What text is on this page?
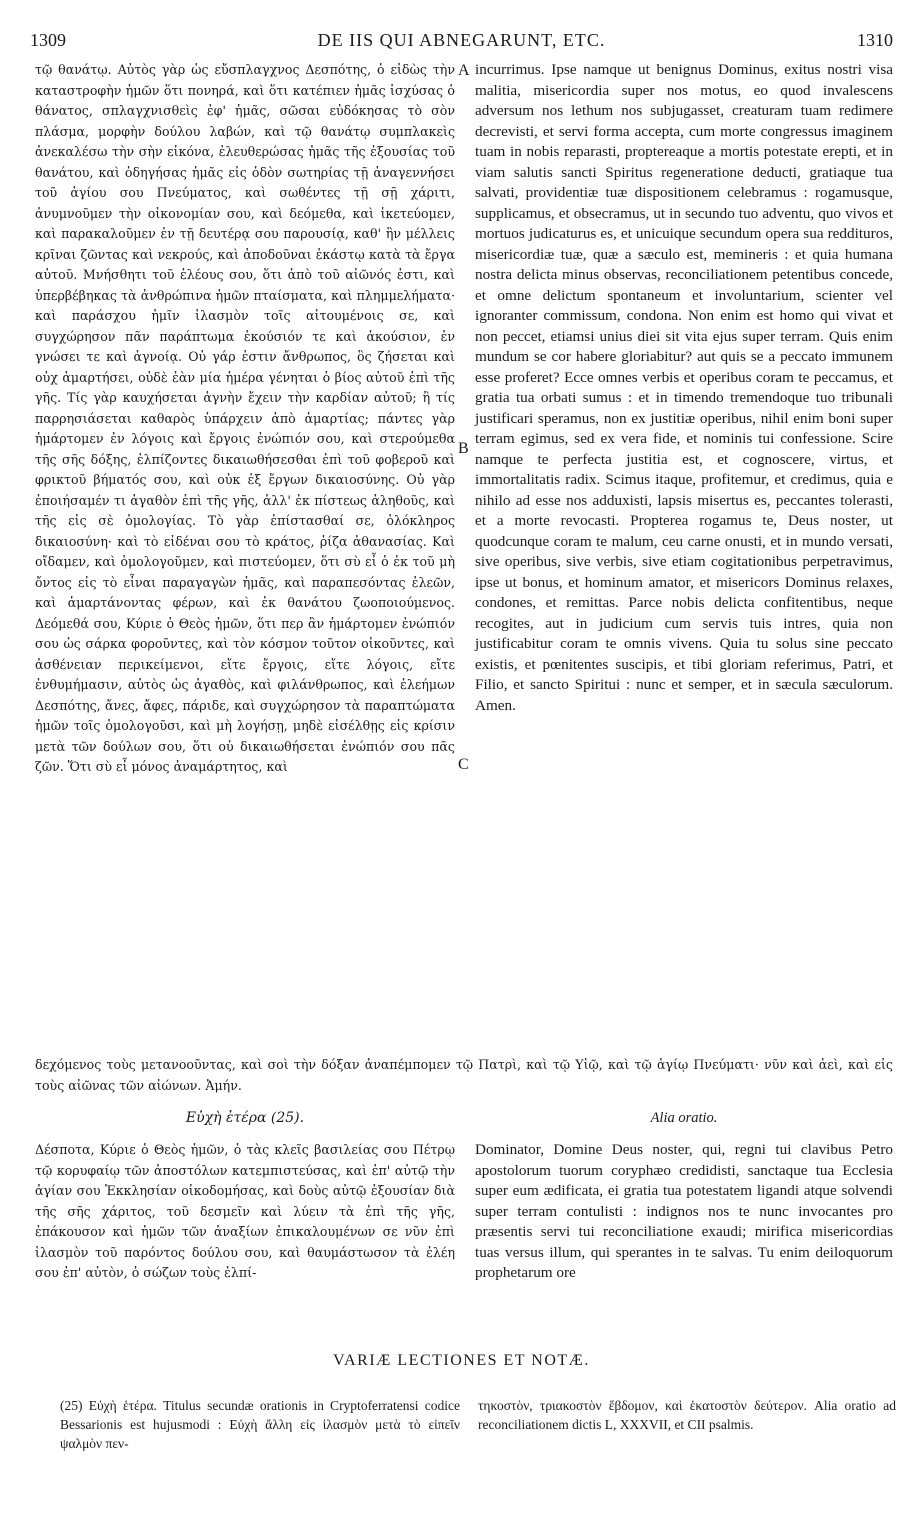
1309	DE IIS QUI ABNEGARUNT, ETC.	1310
τῷ θανάτῳ. Αὐτὸς γὰρ ὡς εὔσπλαγχνος Δεσπότης, ὁ εἰδὼς τὴν καταστροφὴν ἡμῶν ὅτι πονηρά, καὶ ὅτι κατέπιεν ἡμᾶς ἰσχύσας ὁ θάνατος, σπλαγχνισθεὶς ἐφ' ἡμᾶς, σῶσαι εὐδόκησας τὸ σὸν πλάσμα, μορφὴν δούλου λαβών, καὶ τῷ θανάτῳ συμπλακεὶς ἀνεκαλέσω τὴν σὴν εἰκόνα, ἐλευθερώσας ἡμᾶς τῆς ἐξουσίας τοῦ θανάτου, καὶ ὁδηγήσας ἡμᾶς εἰς ὁδὸν σωτηρίας τῇ ἀναγεννήσει τοῦ ἁγίου σου Πνεύματος, καὶ σωθέντες τῇ σῇ χάριτι, ἀνυμνοῦμεν τὴν οἰκονομίαν σου, καὶ δεόμεθα, καὶ ἱκετεύομεν, καὶ παρακαλοῦμεν ἐν τῇ δευτέρᾳ σου παρουσίᾳ, καθ' ἣν μέλλεις κρῖναι ζῶντας καὶ νεκρούς, καὶ ἀποδοῦναι ἑκάστῳ κατὰ τὰ ἔργα αὐτοῦ. Μνήσθητι τοῦ ἐλέους σου, ὅτι ἀπὸ τοῦ αἰῶνός ἐστι, καὶ ὑπερβέβηκας τὰ ἀνθρώπινα ἡμῶν πταίσματα, καὶ πλημμελήματα· καὶ παράσχου ἡμῖν ἱλασμὸν τοῖς αἰτουμένοις σε, καὶ συγχώρησον πᾶν παράπτωμα ἑκούσιόν τε καὶ ἀκούσιον, ἐν γνώσει τε καὶ ἀγνοίᾳ. Οὐ γάρ ἐστιν ἄνθρωπος, ὃς ζήσεται καὶ οὐχ ἁμαρτήσει, οὐδὲ ἐὰν μία ἡμέρα γένηται ὁ βίος αὐτοῦ ἐπὶ τῆς γῆς. Τίς γὰρ καυχήσεται ἁγνὴν ἔχειν τὴν καρδίαν αὐτοῦ; ἢ τίς παρρησιάσεται καθαρὸς ὑπάρχειν ἀπὸ ἁμαρτίας; πάντες γὰρ ἡμάρτομεν ἐν λόγοις καὶ ἔργοις ἐνώπιόν σου, καὶ στερούμεθα τῆς σῆς δόξης, ἐλπίζοντες δικαιωθήσεσθαι ἐπὶ τοῦ φοβεροῦ καὶ φρικτοῦ βήματός σου, καὶ οὐκ ἐξ ἔργων δικαιοσύνης. Οὐ γὰρ ἐποιήσαμέν τι ἀγαθὸν ἐπὶ τῆς γῆς, ἀλλ' ἐκ πίστεως ἀληθοῦς, καὶ τῆς εἰς σὲ ὁμολογίας. Τὸ γὰρ ἐπίστασθαί σε, ὁλόκληρος δικαιοσύνη· καὶ τὸ εἰδέναι σου τὸ κράτος, ῥίζα ἀθανασίας. Καὶ οἴδαμεν, καὶ ὁμολογοῦμεν, καὶ πιστεύομεν, ὅτι σὺ εἶ ὁ ἐκ τοῦ μὴ ὄντος εἰς τὸ εἶναι παραγαγὼν ἡμᾶς, καὶ παραπεσόντας ἐλεῶν, καὶ ἁμαρτάνοντας φέρων, καὶ ἐκ θανάτου ζωοποιούμενος. Δεόμεθά σου, Κύριε ὁ Θεὸς ἡμῶν, ὅτι περ ἂν ἡμάρτομεν ἐνώπιόν σου ὡς σάρκα φοροῦντες, καὶ τὸν κόσμον τοῦτον οἰκοῦντες, καὶ ἀσθένειαν περικείμενοι, εἴτε ἔργοις, εἴτε λόγοις, εἴτε ἐνθυμήμασιν, αὐτὸς ὡς ἀγαθὸς, καὶ φιλάνθρωπος, καὶ ἐλεήμων Δεσπότης, ἄνες, ἄφες, πάριδε, καὶ συγχώρησον τὰ παραπτώματα ἡμῶν τοῖς ὁμολογοῦσι, καὶ μὴ λογήσῃ, μηδὲ εἰσέλθῃς εἰς κρίσιν μετὰ τῶν δούλων σου, ὅτι οὐ δικαιωθήσεται ἐνώπιόν σου πᾶς ζῶν. Ὅτι σὺ εἶ μόνος ἀναμάρτητος, καὶ
A
B
C
incurrimus. Ipse namque ut benignus Dominus, exitus nostri visa malitia, misericordia super nos motus, eo quod invalescens adversum nos lethum nos subjugasset, creaturam tuam redimere decrevisti, et servi forma accepta, cum morte congressus imaginem tuam in nobis reparasti, proptereaque a mortis potestate erepti, et in viam salutis sancti Spiritus regeneratione deducti, gratiaque tua salvati, providentiæ tuæ dispositionem celebramus : rogamusque, supplicamus, et obsecramus, ut in secundo tuo adventu, quo vivos et mortuos judicaturus es, et unicuique secundum opera sua reddituros, misericordiæ tuæ, quæ a sæculo est, memineris : et quia humana nostra delicta minus observas, reconciliationem petentibus concede, et omne delictum spontaneum et involuntarium, scienter vel ignoranter commissum, condona. Non enim est homo qui vivat et non peccet, etiamsi unius diei sit vita ejus super terram. Quis enim mundum se cor habere gloriabitur? aut quis se a peccato immunem esse proferet? Ecce omnes verbis et operibus coram te peccamus, et gratia tua orbati sumus : et in timendo tremendoque tuo tribunali justificari speramus, non ex justitiæ operibus, nihil enim boni super terram egimus, sed ex vera fide, et nominis tui confessione. Scire namque te perfecta justitia est, et cognoscere, virtus, et immortalitatis radix. Scimus itaque, profitemur, et credimus, quia e nihilo ad esse nos adduxisti, lapsis misertus es, peccantes tolerasti, et a morte revocasti. Propterea rogamus te, Deus noster, ut quodcunque coram te malum, ceu carne onusti, et in mundo versati, sive operibus, sive verbis, sive etiam cogitationibus perpetravimus, ipse ut bonus, et hominum amator, et misericors Dominus relaxes, condones, et remittas. Parce nobis delicta confitentibus, neque recogites, aut in judicium cum servis tuis intres, quia non justificabitur coram te omnis vivens. Quia tu solus sine peccato existis, et pœnitentes suscipis, et tibi gloriam referimus, Patri, et Filio, et sancto Spiritui : nunc et semper, et in sæcula sæculorum. Amen.
δεχόμενος τοὺς μετανοοῦντας, καὶ σοὶ τὴν δόξαν ἀναπέμπομεν τῷ Πατρὶ, καὶ τῷ Υἱῷ, καὶ τῷ ἁγίῳ Πνεύματι· νῦν καὶ ἀεὶ, καὶ εἰς τοὺς αἰῶνας τῶν αἰώνων. Ἀμήν.
Εὐχὴ ἑτέρα (25).	Alia oratio.
Δέσποτα, Κύριε ὁ Θεὸς ἡμῶν, ὁ τὰς κλεῖς βασιλείας σου Πέτρῳ τῷ κορυφαίῳ τῶν ἀποστόλων κατεμπιστεύσας, καὶ ἐπ' αὐτῷ τὴν ἁγίαν σου Ἐκκλησίαν οἰκοδομήσας, καὶ δοὺς αὐτῷ ἐξουσίαν διὰ τῆς σῆς χάριτος, τοῦ δεσμεῖν καὶ λύειν τὰ ἐπὶ τῆς γῆς, ἐπάκουσον καὶ ἡμῶν τῶν ἀναξίων ἐπικαλουμένων σε νῦν ἐπὶ ἱλασμὸν τοῦ παρόντος δούλου σου, καὶ θαυμάστωσον τὰ ἐλέη σου ἐπ' αὐτὸν, ὁ σώζων τοὺς ἐλπί-
Dominator, Domine Deus noster, qui, regni tui clavibus Petro apostolorum tuorum coryphæo credidisti, sanctaque tua Ecclesia super eum ædificata, ei gratia tua potestatem ligandi atque solvendi super terram contulisti : indignos nos te nunc invocantes pro præsentis servi tui reconciliatione exaudi; mirifica misericordias tuas versus illum, qui sperantes in te salvas. Tu enim deiloquorum prophetarum ore
VARIÆ LECTIONES ET NOTÆ.
(25) Εὐχὴ ἑτέρα. Titulus secundæ orationis in Cryptoferratensi codice Bessarionis est hujusmodi : Εὐχὴ ἄλλη εἰς ἱλασμὸν μετὰ τὸ εἰπεῖν ψαλμὸν πεν-
τηκοστὸν, τριακοστὸν ἕβδομον, καὶ ἑκατοστὸν δεύτερον. Alia oratio ad reconciliationem dictis L, XXXVII, et CII psalmis.
